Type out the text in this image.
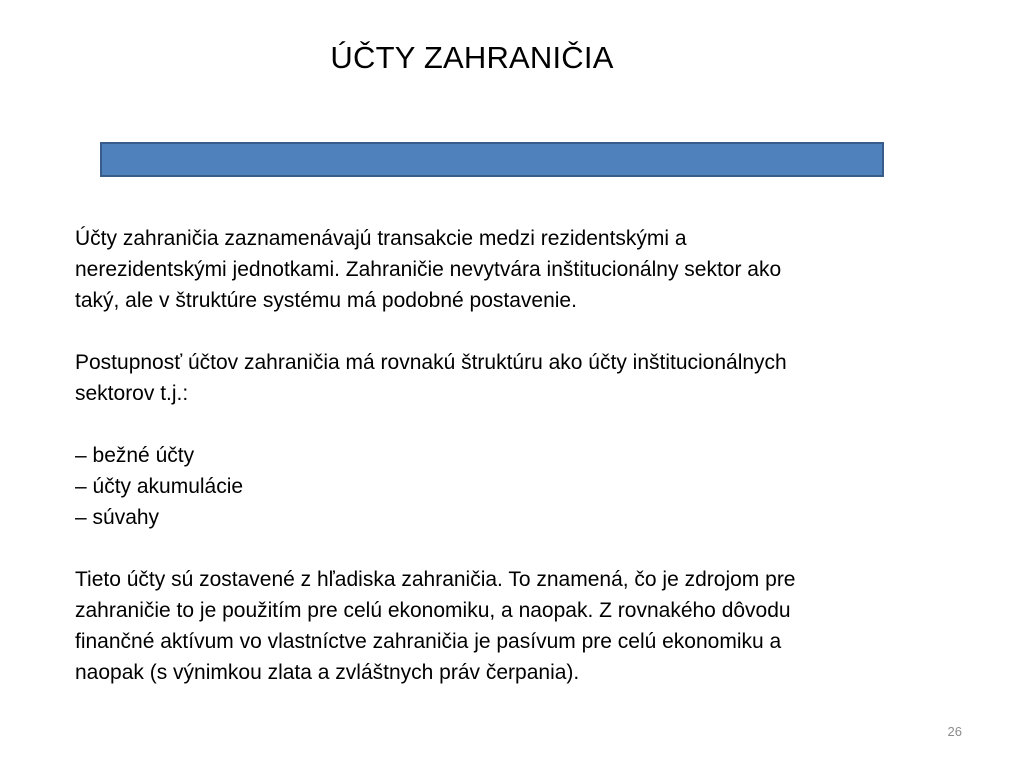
ÚČTY ZAHRANIČIA

Účty zahraničia zaznamenávajú transakcie medzi rezidentskými a

nerezidentskými jednotkami. Zahraničie nevytvára inštitucionálny sektor ako

taký, ale v štruktúre systému má podobné postavenie.

Postupnosť účtov zahraničia má rovnakú štruktúru ako účty inštitucionálnych

sektorov t.j.:

– bežné účty

– účty akumulácie

– súvahy

Tieto účty sú zostavené z hľadiska zahraničia. To znamená, čo je zdrojom pre

zahraničie to je použitím pre celú ekonomiku, a naopak. Z rovnakého dôvodu

finančné aktívum vo vlastníctve zahraničia je pasívum pre celú ekonomiku a

naopak (s výnimkou zlata a zvláštnych práv čerpania).

26
